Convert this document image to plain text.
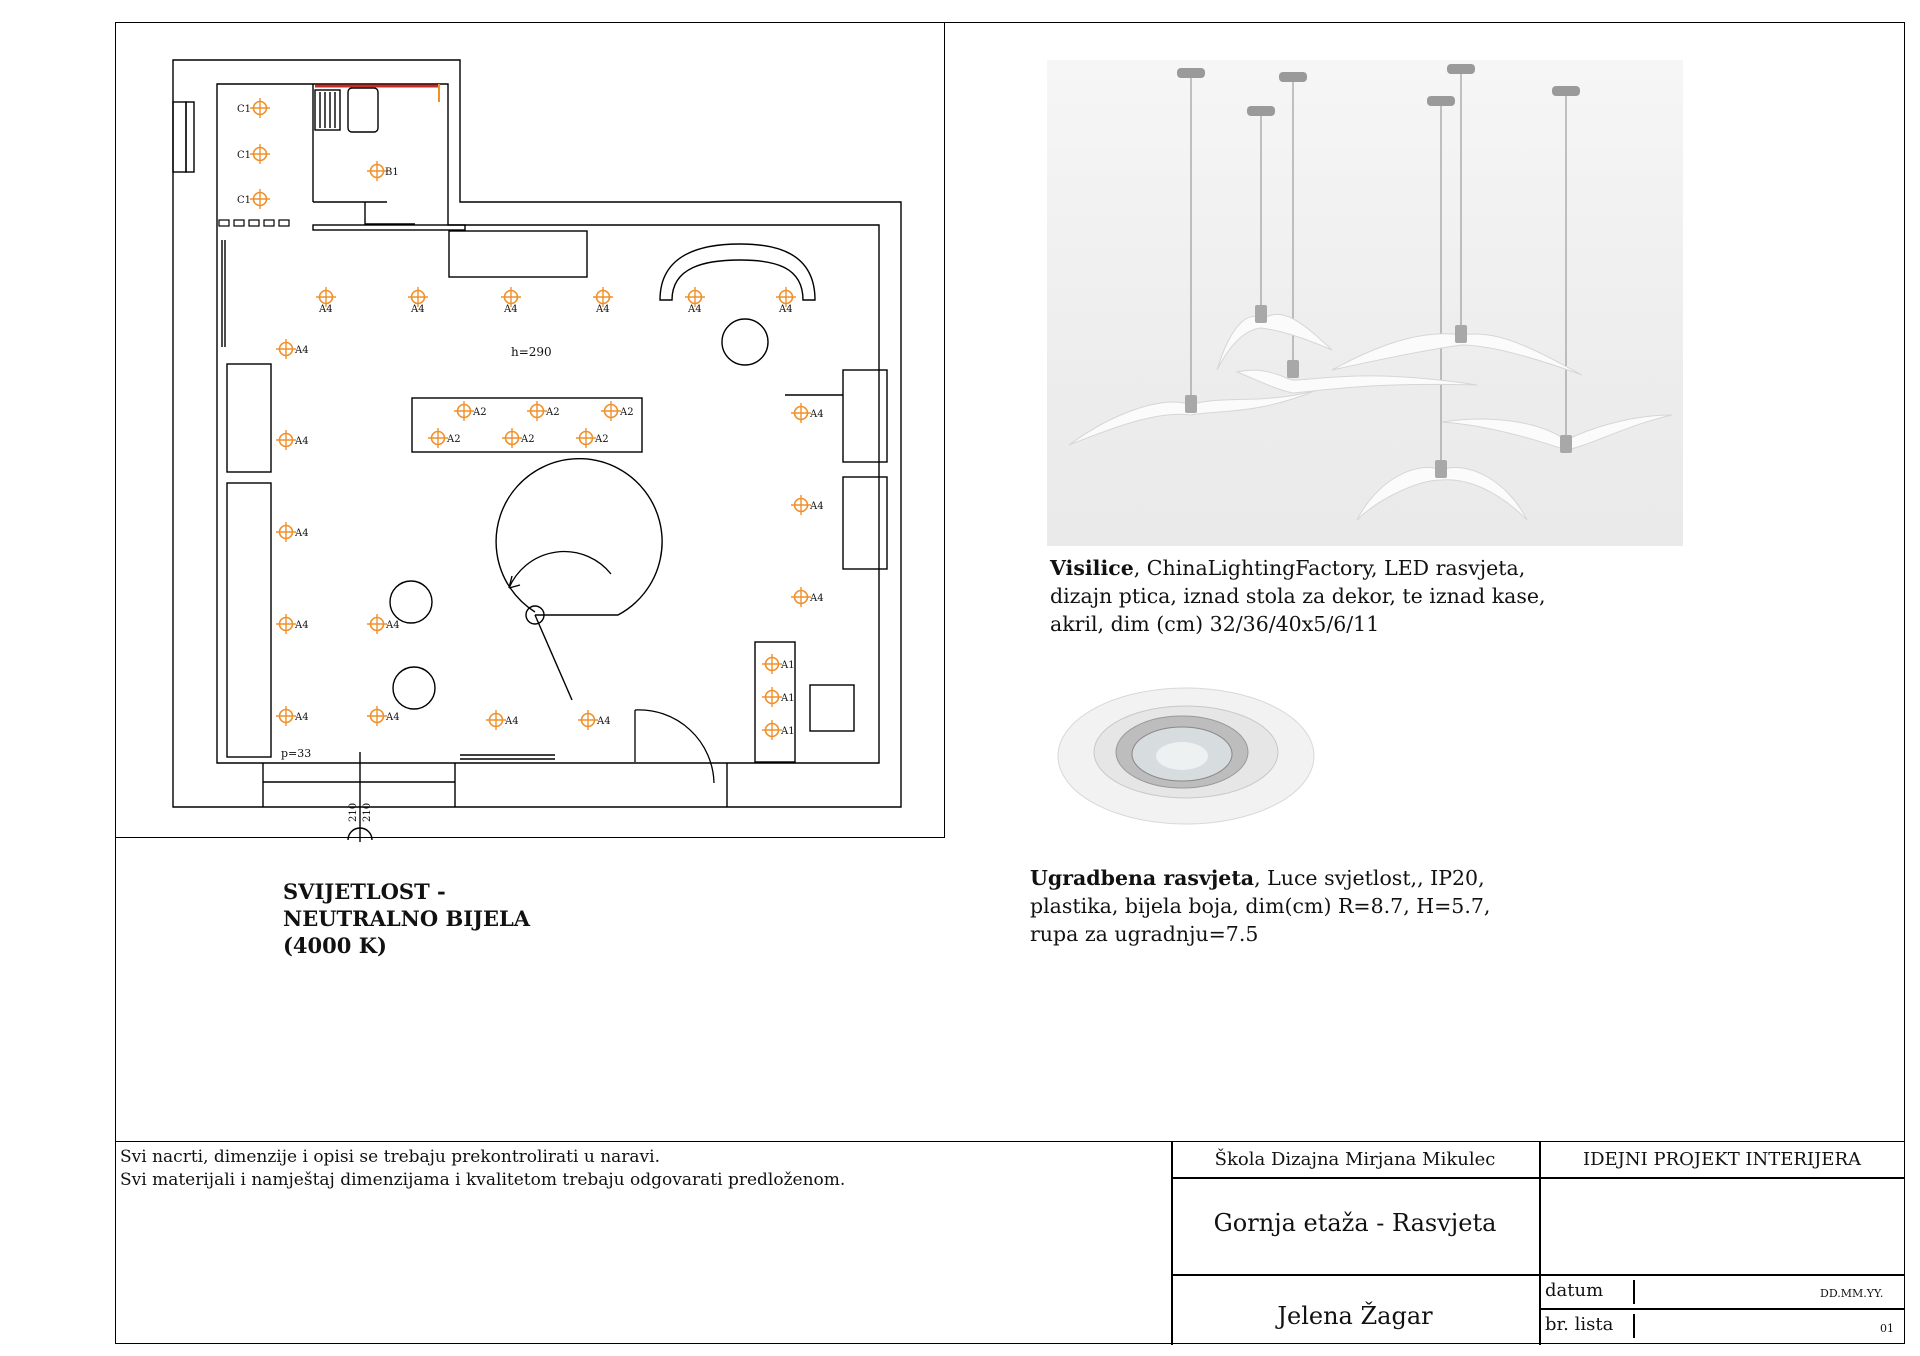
C1
C1
C1
B1
A4	A4	A4	A4	A4	A4
A4
A4
A4
A4
A4
A4
A4	A4	A4
A4
A4
A4
A2	A2	A2
A2	A2	A2
A1
A1
A1
h=290
p=33
210 210
SVIJETLOST -
NEUTRALNO BIJELA
(4000 K)
Visilice, ChinaLightingFactory, LED rasvjeta,
dizajn ptica, iznad stola za dekor, te iznad kase,
akril, dim (cm) 32/36/40x5/6/11
Ugradbena rasvjeta, Luce svjetlost,, IP20,
plastika, bijela boja, dim(cm) R=8.7, H=5.7,
rupa za ugradnju=7.5
Svi nacrti, dimenzije i opisi se trebaju prekontrolirati u naravi.
Svi materijali i namještaj dimenzijama i kvalitetom trebaju odgovarati predloženom.
Škola Dizajna Mirjana Mikulec	IDEJNI PROJEKT INTERIJERA
Gornja etaža - Rasvjeta
Jelena Žagar
datum	DD.MM.YY.
br. lista	01
